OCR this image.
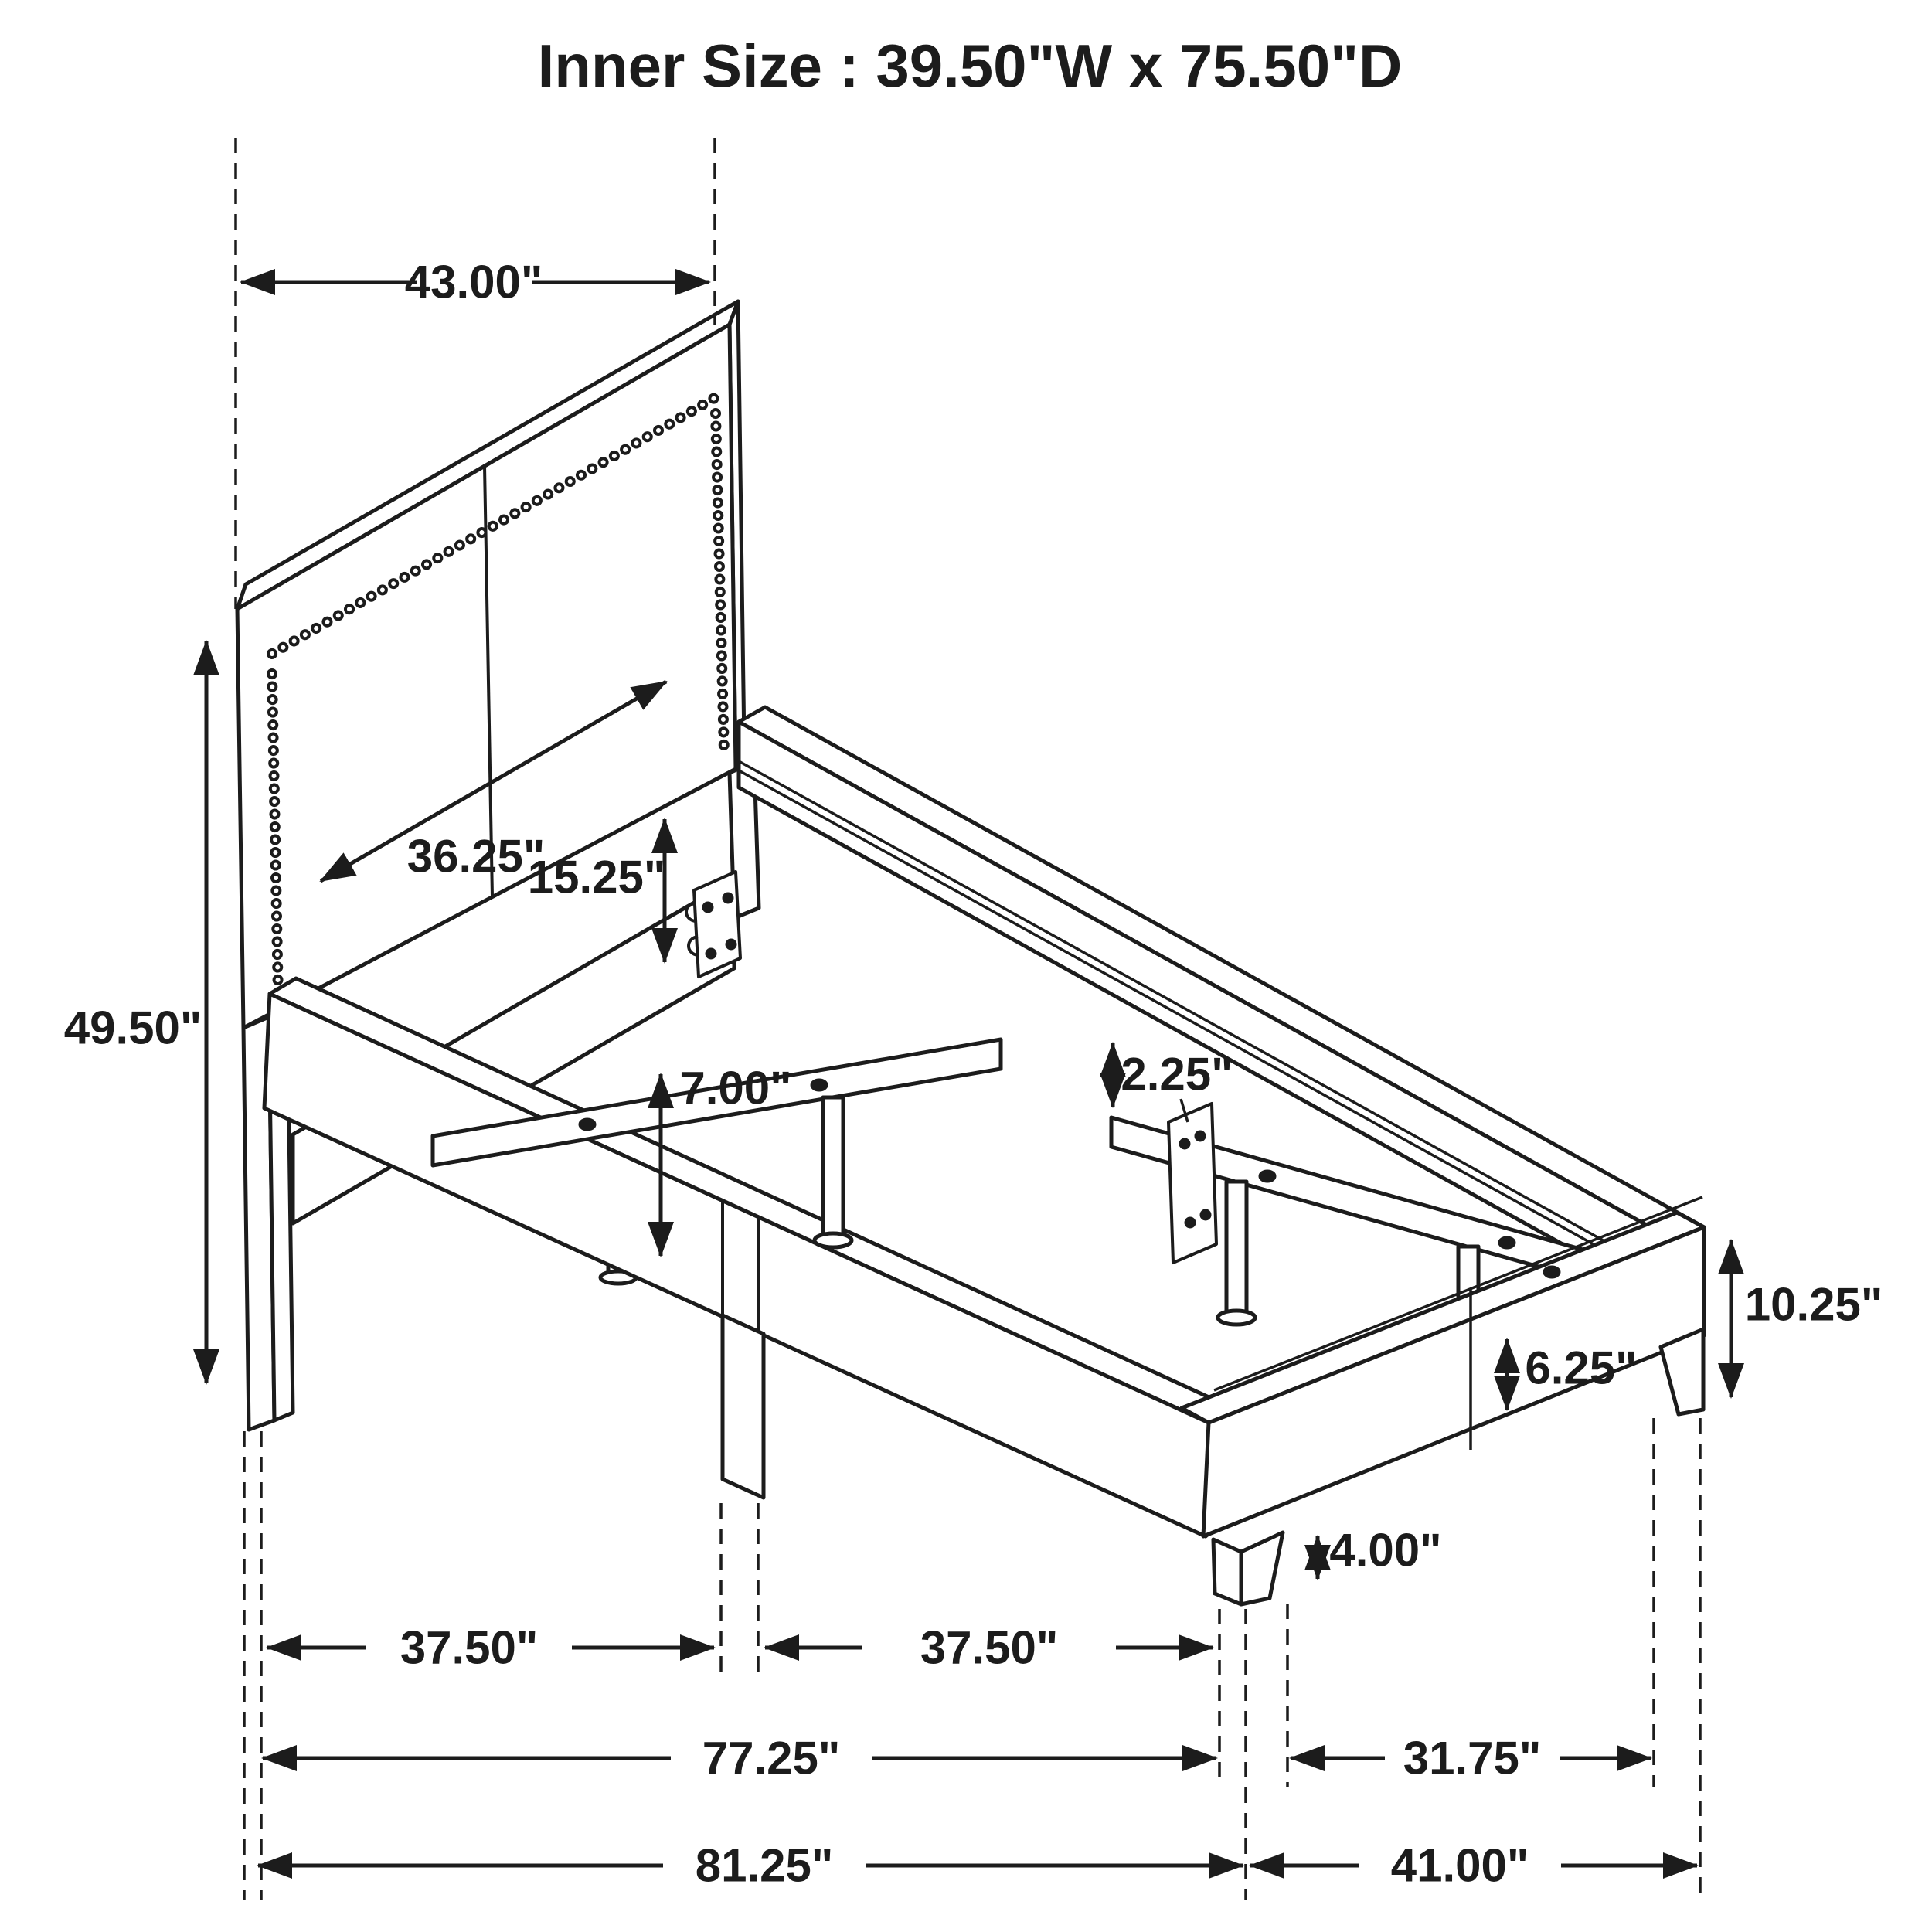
43.00"
49.50"
36.25"
15.25"
7.00"	2.25"
10.25"
6.25"
4.00"
37.50"	37.50"
77.25"	31.75"
81.25"	41.00"
Inner Size : 39.50"W x 75.50"D
